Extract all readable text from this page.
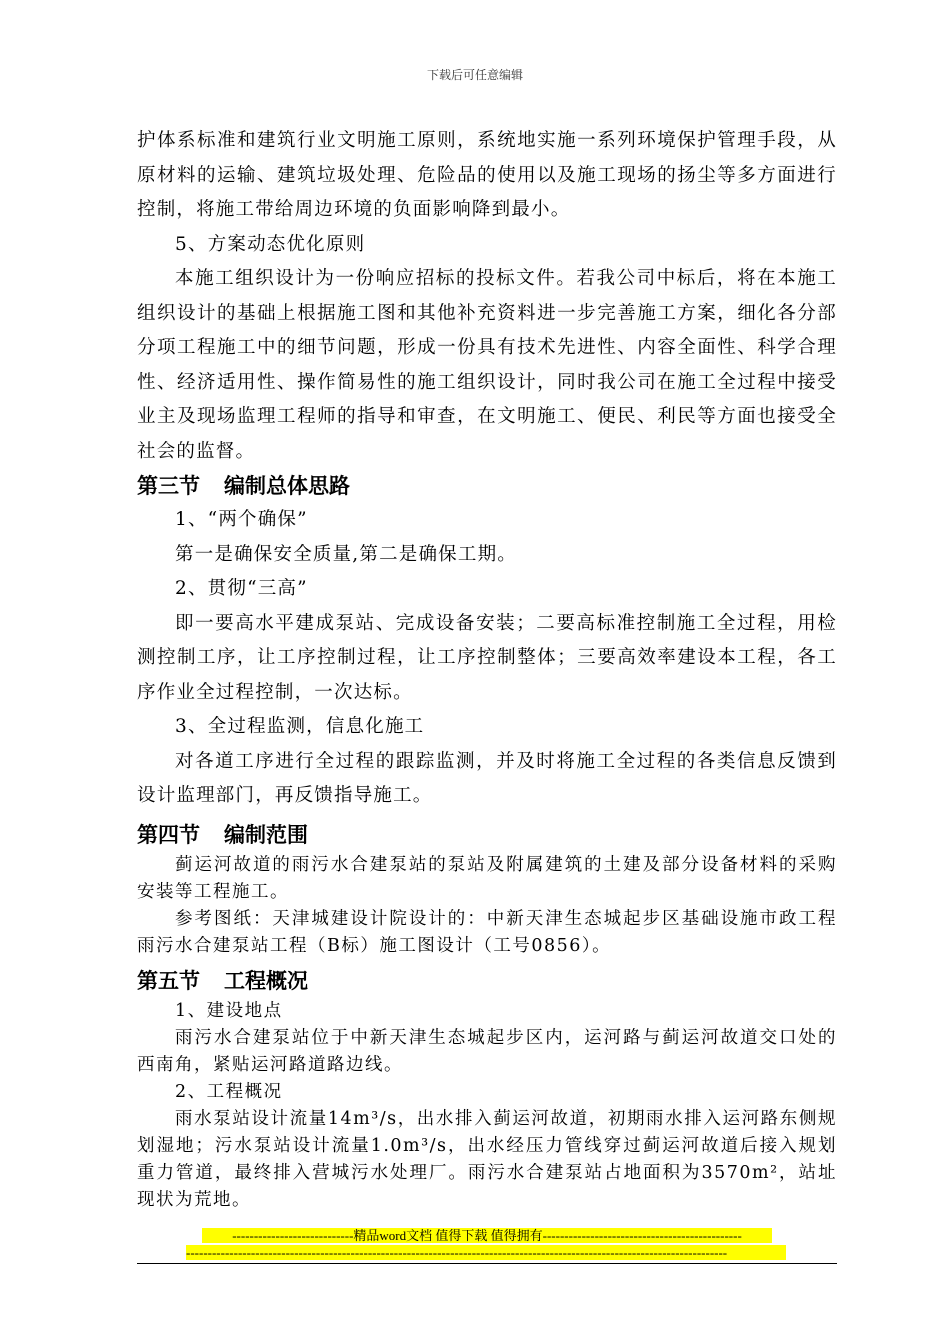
下载后可任意编辑

护体系标准和建筑行业文明施工原则，系统地实施一系列环境保护管理手段，从原材料的运输、建筑垃圾处理、危险品的使用以及施工现场的扬尘等多方面进行控制，将施工带给周边环境的负面影响降到最小。

5、方案动态优化原则

本施工组织设计为一份响应招标的投标文件。若我公司中标后，将在本施工组织设计的基础上根据施工图和其他补充资料进一步完善施工方案，细化各分部分项工程施工中的细节问题，形成一份具有技术先进性、内容全面性、科学合理性、经济适用性、操作简易性的施工组织设计，同时我公司在施工全过程中接受业主及现场监理工程师的指导和审查，在文明施工、便民、利民等方面也接受全社会的监督。

第三节 编制总体思路

1、“两个确保”

第一是确保安全质量,第二是确保工期。

2、贯彻“三高”

即一要高水平建成泵站、完成设备安装；二要高标准控制施工全过程，用检测控制工序，让工序控制过程，让工序控制整体；三要高效率建设本工程，各工序作业全过程控制，一次达标。

3、全过程监测，信息化施工

对各道工序进行全过程的跟踪监测，并及时将施工全过程的各类信息反馈到设计监理部门，再反馈指导施工。

第四节 编制范围

蓟运河故道的雨污水合建泵站的泵站及附属建筑的土建及部分设备材料的采购安装等工程施工。

参考图纸：天津城建设计院设计的：中新天津生态城起步区基础设施市政工程雨污水合建泵站工程（B标）施工图设计（工号0856）。

第五节 工程概况

1、建设地点

雨污水合建泵站位于中新天津生态城起步区内，运河路与蓟运河故道交口处的西南角，紧贴运河路道路边线。

2、工程概况

雨水泵站设计流量14m³/s，出水排入蓟运河故道，初期雨水排入运河路东侧规划湿地；污水泵站设计流量1.0m³/s，出水经压力管线穿过蓟运河故道后接入规划重力管道，最终排入营城污水处理厂。雨污水合建泵站占地面积为3570m²，站址现状为荒地。

----------------------------精品word文档 值得下载 值得拥有----------------------------------------------
-----------------------------------------------------------------------------------------------------------------------------
